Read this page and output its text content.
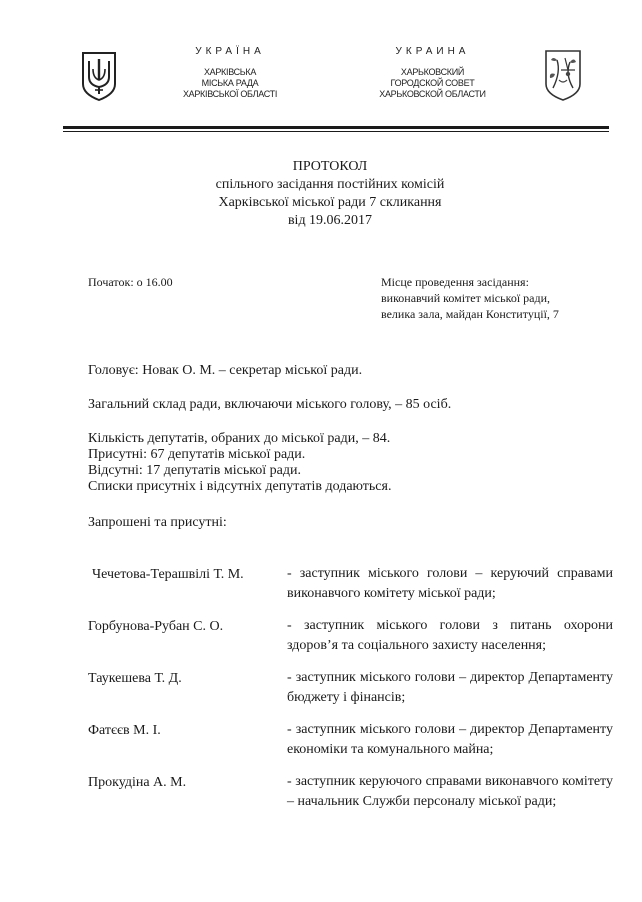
УКРАЇНА
ХАРКІВСЬКА
МІСЬКА РАДА
ХАРКІВСЬКОЇ ОБЛАСТІ
УКРАИНА
ХАРЬКОВСКИЙ
ГОРОДСКОЙ СОВЕТ
ХАРЬКОВСКОЙ ОБЛАСТИ
ПРОТОКОЛ
спільного засідання постійних комісій
Харківської міської ради 7 скликання
від 19.06.2017
Початок: о 16.00	Місце проведення засідання:
виконавчий комітет міської ради,
велика зала, майдан Конституції, 7
Головує: Новак О. М. – секретар міської ради.
Загальний склад ради, включаючи міського голову, – 85 осіб.
Кількість депутатів, обраних до міської ради, – 84.
Присутні: 67 депутатів міської ради.
Відсутні: 17 депутатів міської ради.
Списки присутніх і відсутніх депутатів додаються.
Запрошені та присутні:
Чечетова-Терашвілі Т. М.	- заступник міського голови – керуючий справами виконавчого комітету міської ради;
Горбунова-Рубан С. О.	- заступник міського голови з питань охорони здоров’я та соціального захисту населення;
Таукешева Т. Д.	- заступник міського голови – директор Департаменту бюджету і фінансів;
Фатєєв М. І.	- заступник міського голови – директор Департаменту економіки та комунального майна;
Прокудіна А. М.	- заступник керуючого справами виконавчого комітету – начальник Служби персоналу міської ради;
